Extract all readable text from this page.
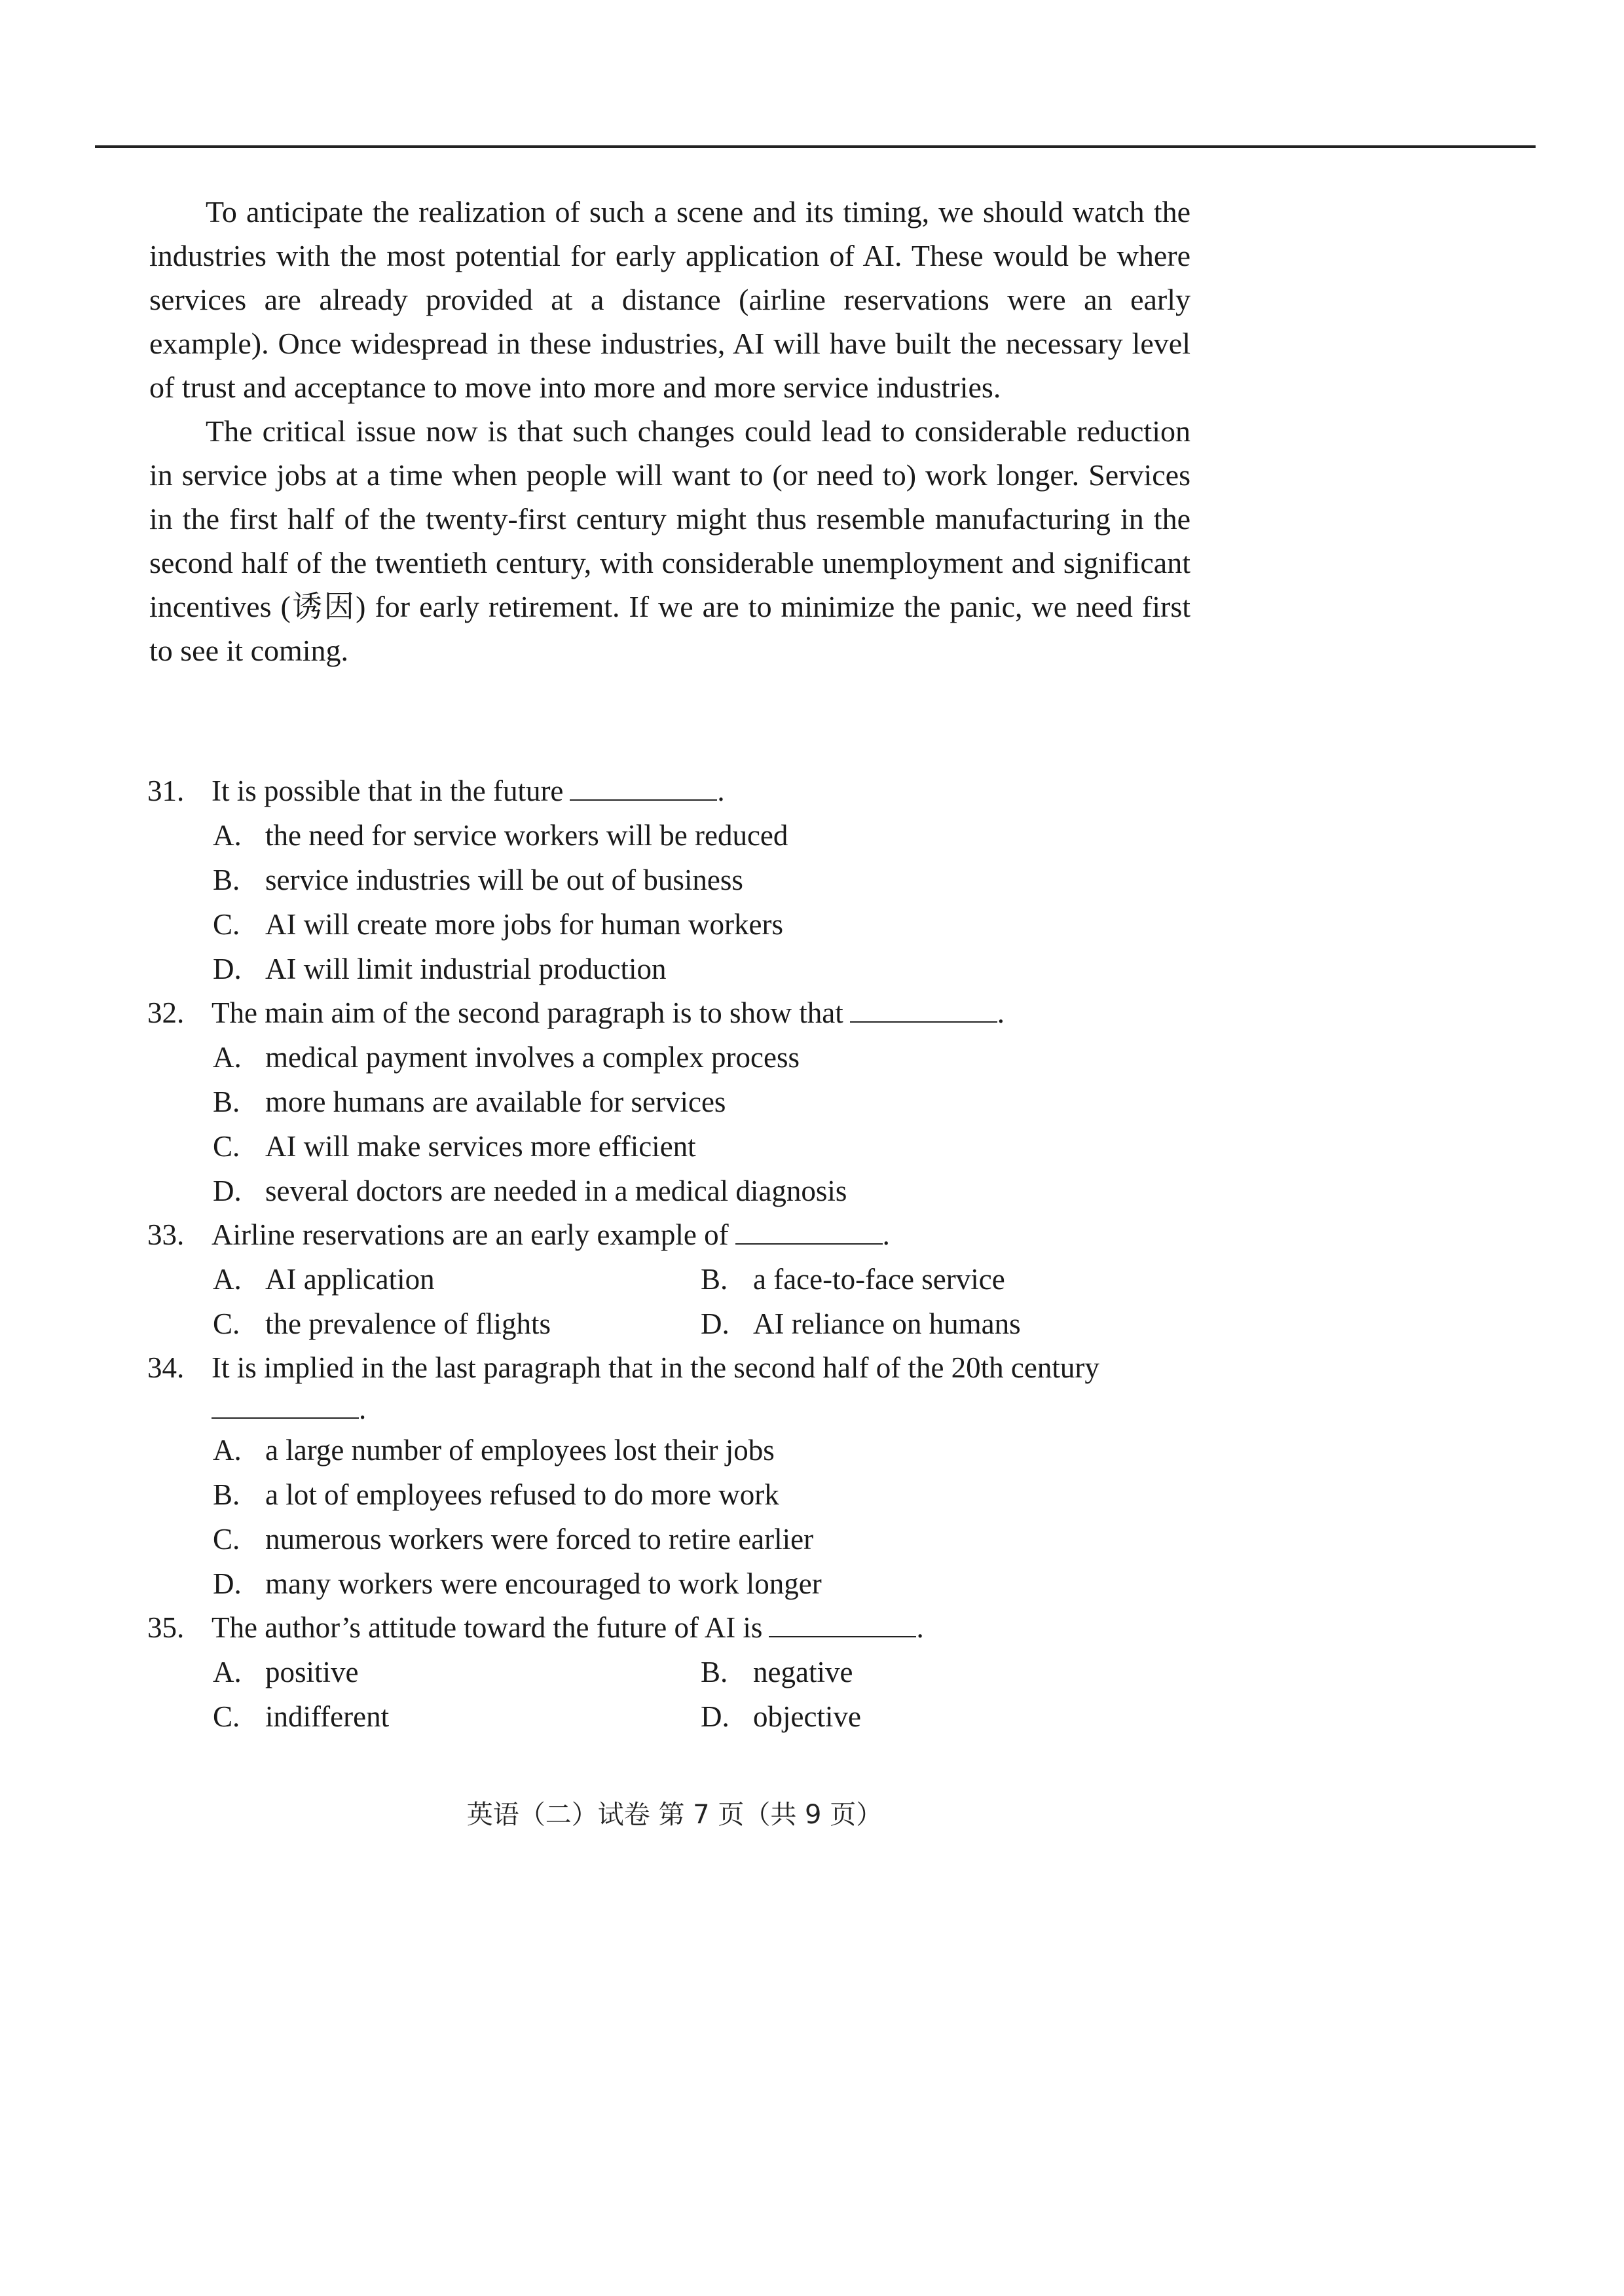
To anticipate the realization of such a scene and its timing, we should watch the industries with the most potential for early application of AI. These would be where services are already provided at a distance (airline reservations were an early example). Once widespread in these industries, AI will have built the necessary level of trust and acceptance to move into more and more service industries.

The critical issue now is that such changes could lead to considerable reduction in service jobs at a time when people will want to (or need to) work longer. Services in the first half of the twenty-first century might thus resemble manufacturing in the second half of the twentieth century, with considerable unemployment and significant incentives (诱因) for early retirement. If we are to minimize the panic, we need first to see it coming.

31. It is possible that in the future	.
A. the need for service workers will be reduced
B. service industries will be out of business
C. AI will create more jobs for human workers
D. AI will limit industrial production
32. The main aim of the second paragraph is to show that	.
A. medical payment involves a complex process
B. more humans are available for services
C. AI will make services more efficient
D. several doctors are needed in a medical diagnosis
33. Airline reservations are an early example of	.
A. AI application	B. a face-to-face service
C. the prevalence of flights	D. AI reliance on humans
34. It is implied in the last paragraph that in the second half of the 20th century
.
A. a large number of employees lost their jobs
B. a lot of employees refused to do more work
C. numerous workers were forced to retire earlier
D. many workers were encouraged to work longer
35. The author’s attitude toward the future of AI is	.
A. positive	B. negative
C. indifferent	D. objective
英语（二）试卷 第 7 页（共 9 页）
